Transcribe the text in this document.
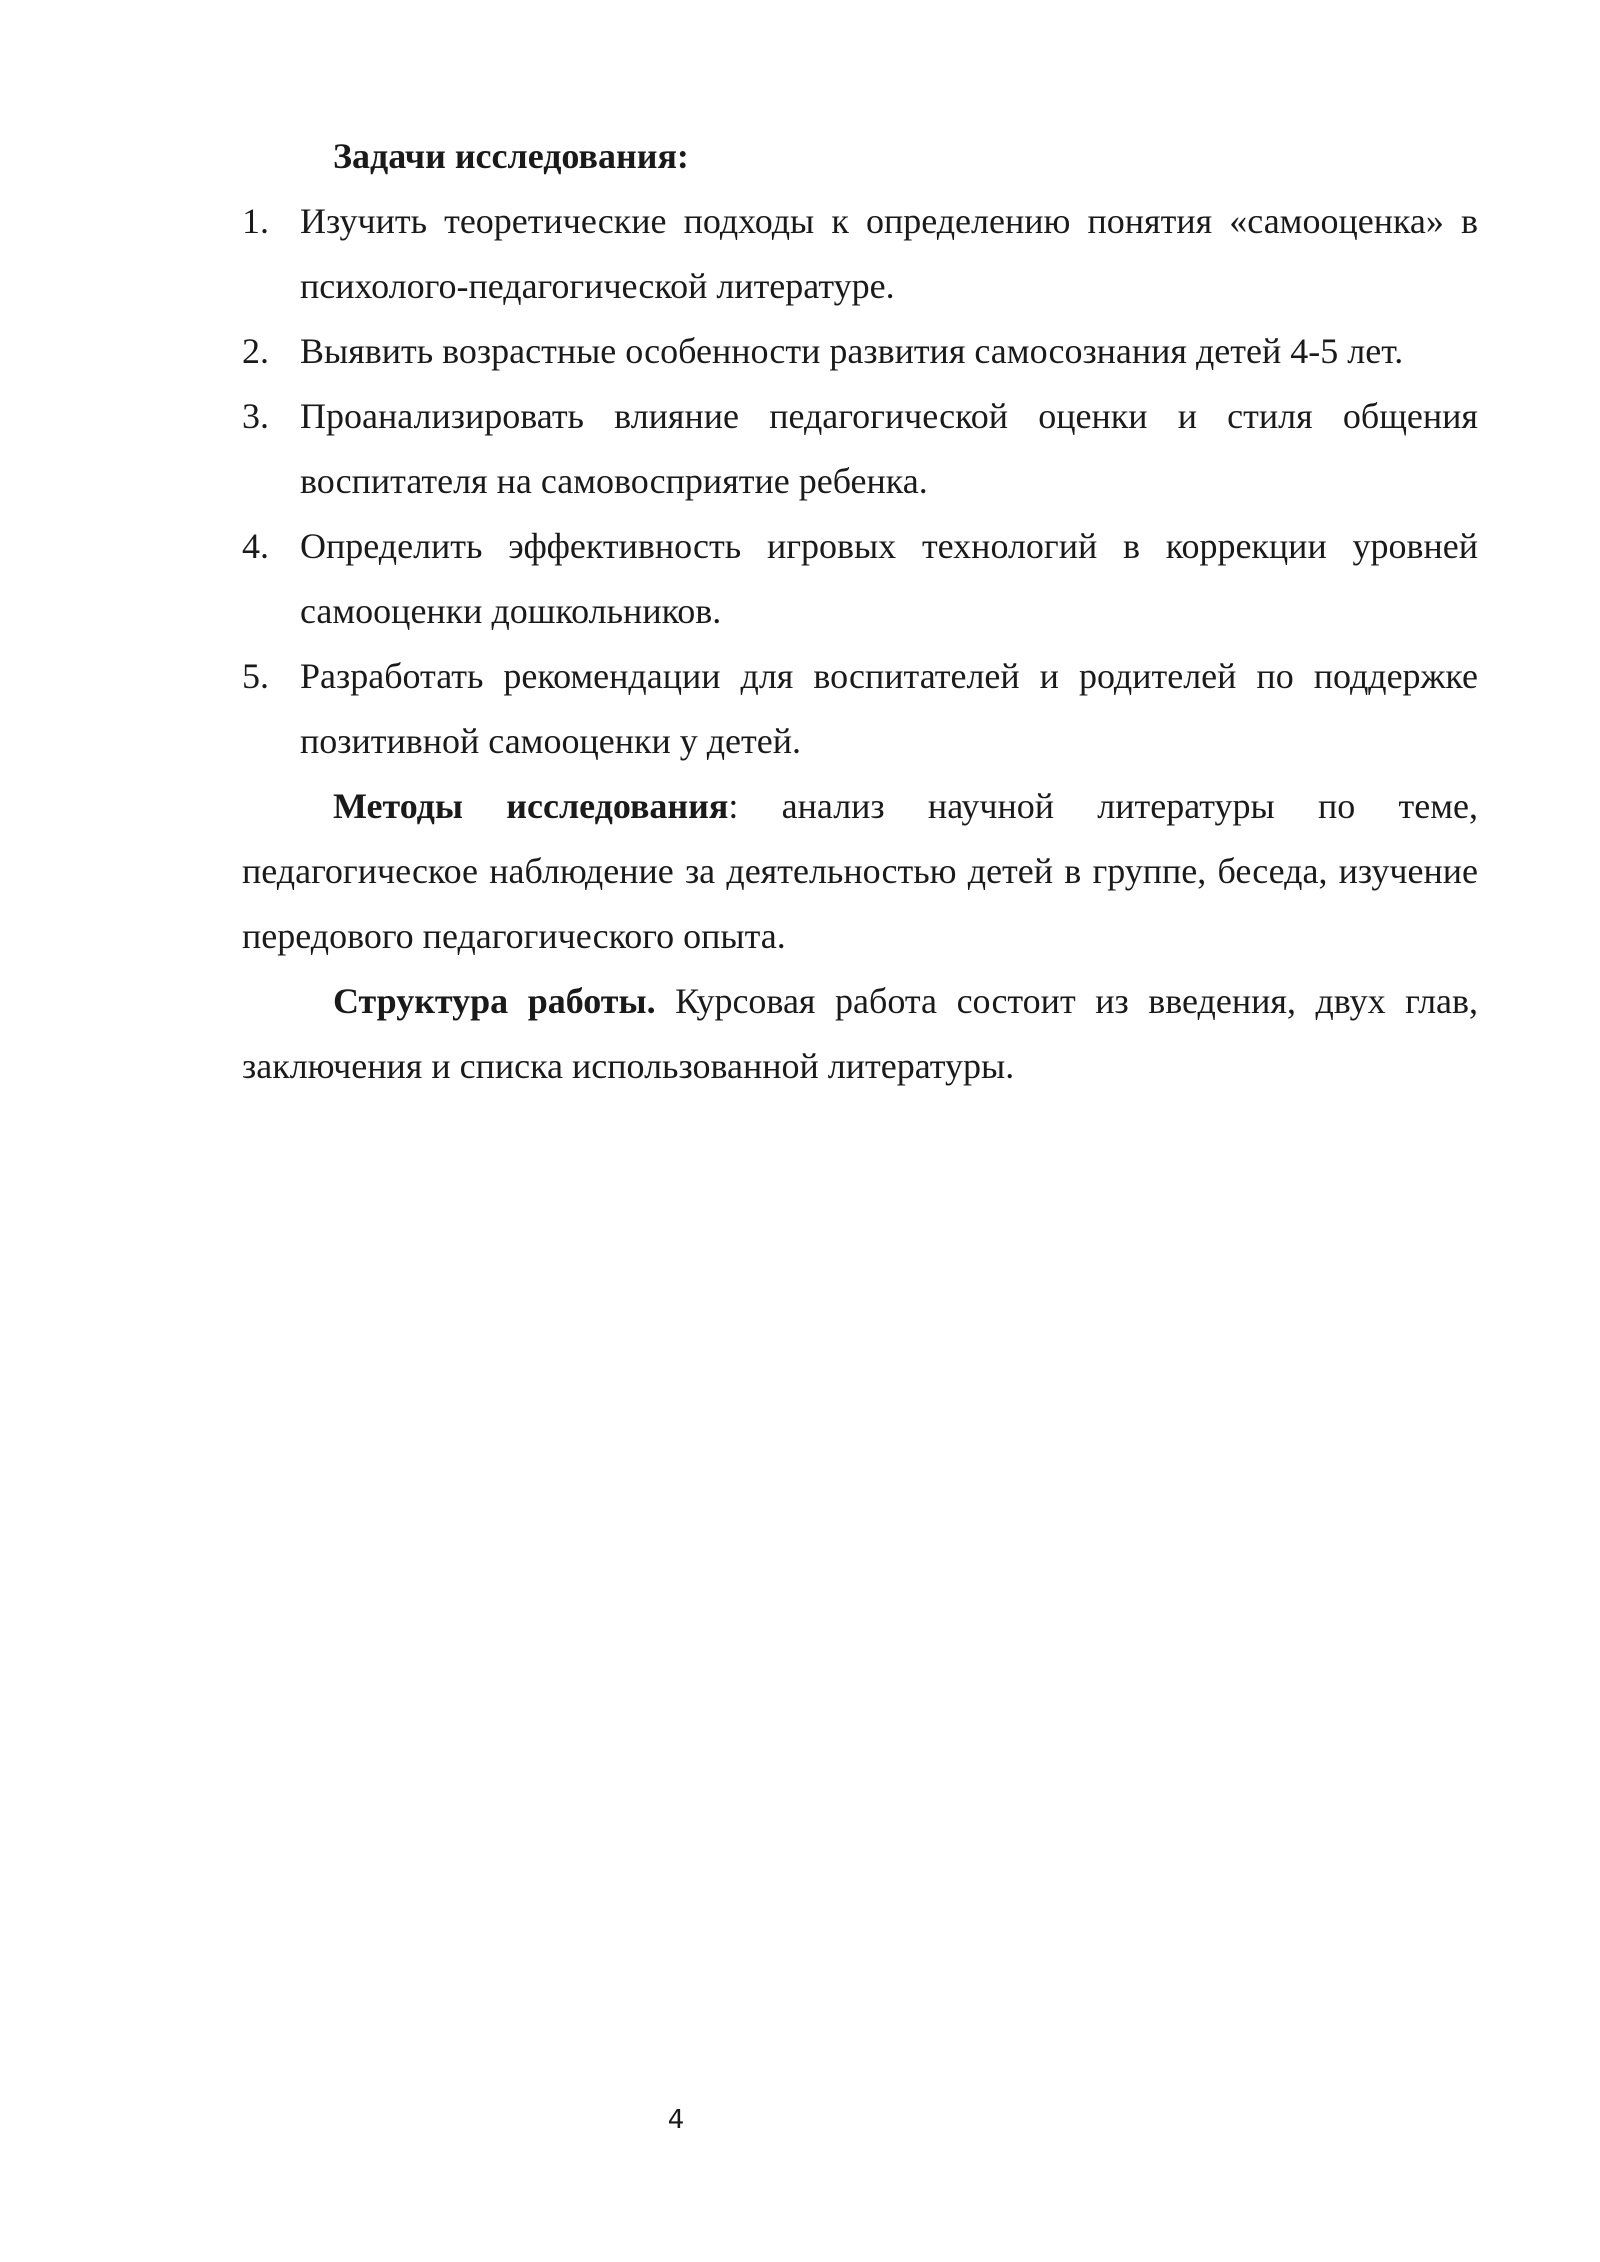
Задачи исследования:

1. Изучить теоретические подходы к определению понятия «самооценка» в психолого-педагогической литературе.
2. Выявить возрастные особенности развития самосознания детей 4-5 лет.
3. Проанализировать влияние педагогической оценки и стиля общения воспитателя на самовосприятие ребенка.
4. Определить эффективность игровых технологий в коррекции уровней самооценки дошкольников.
5. Разработать рекомендации для воспитателей и родителей по поддержке позитивной самооценки у детей.

Методы исследования: анализ научной литературы по теме, педагогическое наблюдение за деятельностью детей в группе, беседа, изучение передового педагогического опыта.

Структура работы. Курсовая работа состоит из введения, двух глав, заключения и списка использованной литературы.

4
